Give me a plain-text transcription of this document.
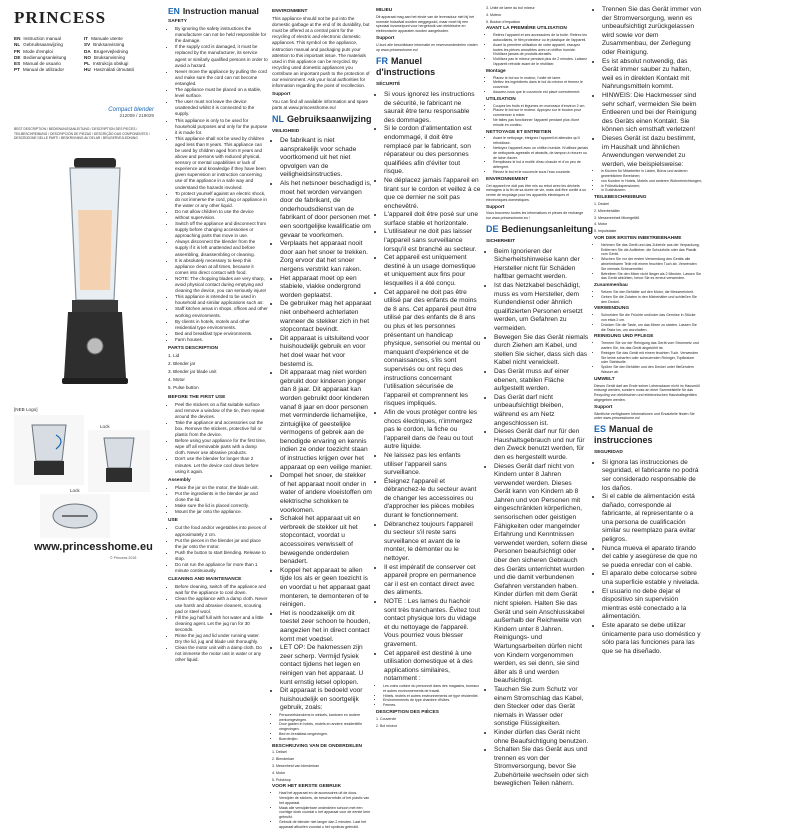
PRINCESS
EN Instruction manual
NL Gebruiksaanwijzing
FR Mode d'emploi
DE Bedienungsanleitung
ES Manual de usuario
PT Manual de utilizador
IT Manuale utente
SV Bruksanvisning
DA Brugervejledning
NO Bruksanvisning
PL Instrukcja obsługi
HU Használati útmutató
Compact blender
212009 / 219029
BEST DESCRIPTION / BEDIENUNGSANLEITUNG / DESCRIPTION DES PIECES / TEILBESCHREIBUNG / DESCRIPCIÓN DE PIEZAS / DESCRIÇÃO DAS COMPONENTES / DESCRIZIONE DELLE PARTI / BESKRIVNING AV DELAR / BRUGERVEJLEDNING
[NEB Logo]
Lock
Lock
www.princesshome.eu
© Princess 2018
EN Instruction manual
SAFETY
• By ignoring the safety instructions the manufacturer can not be held responsible for the damage.
• If the supply cord is damaged, it must be replaced by the manufacturer, its service agent or similarly qualified persons in order to avoid a hazard.
• Never move the appliance by pulling the cord and make sure the cord can not become entangled.
• The appliance must be placed on a stable, level surface.
• The user must not leave the device unattended whilst it is connected to the supply.
• This appliance is only to be used for household purposes and only for the purpose it is made for.
• This appliance shall not be used by children aged less than 8 years. This appliance can be used by children aged from 8 years and above and persons with reduced physical, sensory or mental capabilities or lack of experience and knowledge if they have been given supervision or instruction concerning use of the appliance in a safe way and understand the hazards involved.
• To protect yourself against an electric shock, do not immerse the cord, plug or appliance in the water or any other liquid.
• Do not allow children to use the device without supervision.
• Switch off the appliance and disconnect from supply before changing accessories or approaching parts that move in use.
• Always disconnect the blender from the supply if it is left unattended and before assembling, disassembling or cleaning.
• It is absolutely necessary to keep this appliance clean at all times, because it comes into direct contact with food.
• NOTE: The chopping blades are very sharp, avoid physical contact during emptying and cleaning the device, you can seriously injure!
• This appliance is intended to be used in household and similar applications such as:
• Staff kitchen areas in shops, offices and other working environments.
• By clients in hotels, motels and other residential type environments.
• Bed and breakfast type environments.
• Farm houses.
PARTS DESCRIPTION

1. Lid

2. Blender jar

3. Blender jar blade unit

4. Motor

5. Pulse button

BEFORE THE FIRST USE
• Peel the stickers on a flat suitable surface and remove a window of the tin, then repeat around the devices.
• Take the appliance and accessories out the box. Remove the stickers, protective foil or plastic from the device.
• Before using your appliance for the first time, wipe off all removable parts with a damp cloth. Never use abrasive products.
• Don't use the blender for longer than 2 minutes. Let the device cool down before using it again.
Assembly
• Place the jar on the motor, the blade unit.
• Put the ingredients in the blender jar and close the lid.
• Make sure the lid is placed correctly.
• Mount the jar onto the appliance.
USE
• Cut the food and/or vegetables into pieces of approximately 2 cm.
• Put the pieces in the blender jar and place the jar onto the motor.
• Push the button to start blending. Release to stop.
• Do not run the appliance for more than 1 minute continuously.
CLEANING AND MAINTENANCE
• Before cleaning, switch off the appliance and wait for the appliance to cool down.
• Clean the appliance with a damp cloth. Never use harsh and abrasive cleaners, scouring pad or steel wool.
• Fill the jug half full with hot water and a little cleaning agent. Let the jug run for 30 seconds.
• Rinse the jug and lid under running water. Dry the lid, jug and blade unit thoroughly.
• Clean the motor unit with a damp cloth. Do not immerse the motor unit in water or any other liquid.
ENVIRONMENT

This appliance should not be put into the domestic garbage at the end of its durability, but must be offered at a central point for the recycling of electric and electronic domestic appliances. This symbol on the appliance, instruction manual and packaging puts your attention to this important issue. The materials used in this appliance can be recycled. By recycling used domestic appliances you contribute an important push to the protection of our environment. Ask your local authorities for information regarding the point of recollection.

Support

You can find all available information and spare parts at www.princesshome.eu!

NL Gebruiksaanwijzing
VEILIGHEID
• De fabrikant is niet aansprakelijk voor schade voortkomend uit het niet opvolgen van de veiligheidsinstructies.
• Als het netsnoer beschadigd is, moet het worden vervangen door de fabrikant, de onderhoudsdienst van de fabrikant of door personen met een soortgelijke kwalificatie om gevaar te voorkomen.
• Verplaats het apparaat nooit door aan het snoer te trekken. Zorg ervoor dat het snoer nergens verstrikt kan raken.
• Het apparaat moet op een stabiele, vlakke ondergrond worden geplaatst.
• De gebruiker mag het apparaat niet onbeheerd achterlaten wanneer de stekker zich in het stopcontact bevindt.
• Dit apparaat is uitsluitend voor huishoudelijk gebruik en voor het doel waar het voor bestemd is.
• Dit apparaat mag niet worden gebruikt door kinderen jonger dan 8 jaar. Dit apparaat kan worden gebruikt door kinderen vanaf 8 jaar en door personen met verminderde lichamelijke, zintuiglijke of geestelijke vermogens of gebrek aan de benodigde ervaring en kennis indien ze onder toezicht staan of instructies krijgen over het apparaat op een veilige manier.
• Dompel het snoer, de stekker of het apparaat nooit onder in water of andere vloeistoffen om elektrische schokken te voorkomen.
• Schakel het apparaat uit en verbreek de stekker uit het stopcontact, voordat u accessoires verwisselt of bewegende onderdelen benadert.
• Koppel het apparaat te allen tijde los als er geen toezicht is en voordat u het apparaat gaat monteren, te demonteren of te reinigen.
• Het is noodzakelijk om dit toestel zeer schoon te houden, aangezien het in direct contact komt met voedsel.
• LET OP: De hakmessen zijn zeer scherp. Vermijd fysiek contact tijdens het legen en reinigen van het apparaat. U kunt ernstig letsel oplopen.
• Dit apparaat is bedoeld voor huishoudelijk en soortgelijk gebruik, zoals:
• Personeelskeukens in winkels, kantoren en andere werkomgevingen.
• Door gasten in hotels, motels en andere residentiële omgevingen.
• Bed en breakfast-omgevingen.
• Boerderijen.
BESCHRIJVING VAN DE ONDERDELEN

1. Deksel

2. Blenderkan

3. Mesenheid van blenderkan

4. Motor

5. Pulsknop

VOOR HET EERSTE GEBRUIK
• Haal het apparaat en de accessoires uit de doos. Verwijder de stickers, de beschermfolie of het plastic van het apparaat.
• Maak alle verwijderbare onderdelen schoon met een vochtige doek voordat u het apparaat voor de eerste keer gebruikt.
• Gebruik de blender niet langer dan 2 minuten. Laat het apparaat afkoelen voordat u het opnieuw gebruikt.
MILIEU

Dit apparaat mag aan het einde van de levensduur niet bij het normale huisafval worden weggegooid, maar moet bij een speciaal inzamelpunt voor hergebruik van elektrische en elektronische apparaten worden aangeboden.

Support

U kunt alle beschikbare informatie en reserveonderdelen vinden op www.princesshome.eu!

FR Manuel d'instructions
SÉCURITÉ
• Si vous ignorez les instructions de sécurité, le fabricant ne saurait être tenu responsable des dommages.
• Si le cordon d'alimentation est endommagé, il doit être remplacé par le fabricant, son réparateur ou des personnes qualifiées afin d'éviter tout risque.
• Ne déplacez jamais l'appareil en tirant sur le cordon et veillez à ce que ce dernier ne soit pas enchevêtré.
• L'appareil doit être posé sur une surface stable et horizontale.
• L'utilisateur ne doit pas laisser l'appareil sans surveillance lorsqu'il est branché au secteur.
• Cet appareil est uniquement destiné à un usage domestique et uniquement aux fins pour lesquelles il a été conçu.
• Cet appareil ne doit pas être utilisé par des enfants de moins de 8 ans. Cet appareil peut être utilisé par des enfants de 8 ans ou plus et les personnes présentant un handicap physique, sensoriel ou mental ou manquant d'expérience et de connaissances, s'ils sont supervisés ou ont reçu des instructions concernant l'utilisation sécurisée de l'appareil et comprennent les risques impliqués.
• Afin de vous protéger contre les chocs électriques, n'immergez pas le cordon, la fiche ou l'appareil dans de l'eau ou tout autre liquide.
• Ne laissez pas les enfants utiliser l'appareil sans surveillance.
• Éteignez l'appareil et débranchez-le du secteur avant de changer les accessoires ou d'approcher les pièces mobiles durant le fonctionnement.
• Débranchez toujours l'appareil du secteur s'il reste sans surveillance et avant de le monter, le démonter ou le nettoyer.
• Il est impératif de conserver cet appareil propre en permanence car il est en contact direct avec des aliments.
• NOTE : Les lames du hachoir sont très tranchantes. Évitez tout contact physique lors du vidage et du nettoyage de l'appareil. Vous pourriez vous blesser gravement.
• Cet appareil est destiné à une utilisation domestique et à des applications similaires, notamment :
• Les coins cuisine du personnel dans des magasins, bureaux et autres environnements de travail.
• Hôtels, motels et autres environnements de type résidentiel.
• Environnements de type chambre d'hôtes.
• Fermes.
DESCRIPTION DES PIÈCES

1. Couvercle

2. Bol mixeur

3. Unité de lame du bol mixeur

4. Moteur

5. Bouton d'impulsion

AVANT LA PREMIÈRE UTILISATION
• Retirez l'appareil et ses accessoires de la boîte. Retirez les autocollants, le film protecteur ou le plastique de l'appareil.
• Avant la première utilisation de votre appareil, essuyez toutes les pièces amovibles avec un chiffon humide. N'utilisez jamais de produits abrasifs.
• N'utilisez pas le mixeur pendant plus de 2 minutes. Laissez l'appareil refroidir avant de le réutiliser.
Montage
• Placez le bol sur le moteur, l'unité de lame.
• Mettez les ingrédients dans le bol du mixeur et fermez le couvercle.
• Assurez-vous que le couvercle est placé correctement.
UTILISATION
• Coupez les fruits et légumes en morceaux d'environ 2 cm.
• Placez le bol sur le moteur. Appuyez sur le bouton pour commencer à mixer.
• Ne faites pas fonctionner l'appareil pendant plus d'une minute en continu.
NETTOYAGE ET ENTRETIEN
• Avant le nettoyage, éteignez l'appareil et attendez qu'il refroidisse.
• Nettoyez l'appareil avec un chiffon humide. N'utilisez jamais de nettoyants agressifs et abrasifs, de tampon à récurer ou de laine d'acier.
• Remplissez le bol à moitié d'eau chaude et d'un peu de détergent.
• Rincez le bol et le couvercle sous l'eau courante.
ENVIRONNEMENT

Cet appareil ne doit pas être mis au rebut avec les déchets ménagers à la fin de sa durée de vie, mais doit être confié à un centre de recyclage pour les appareils électriques et électroniques domestiques.

Support

Vous trouverez toutes les informations et pièces de rechange sur www.princesshome.eu !

DE Bedienungsanleitung
SICHERHEIT
• Beim Ignorieren der Sicherheitshinweise kann der Hersteller nicht für Schäden haftbar gemacht werden.
• Ist das Netzkabel beschädigt, muss es vom Hersteller, dem Kundendienst oder ähnlich qualifizierten Personen ersetzt werden, um Gefahren zu vermeiden.
• Bewegen Sie das Gerät niemals durch Ziehen am Kabel, und stellen Sie sicher, dass sich das Kabel nicht verwickelt.
• Das Gerät muss auf einer ebenen, stabilen Fläche aufgestellt werden.
• Das Gerät darf nicht unbeaufsichtigt bleiben, während es am Netz angeschlossen ist.
• Dieses Gerät darf nur für den Haushaltsgebrauch und nur für den Zweck benutzt werden, für den es hergestellt wurde.
• Dieses Gerät darf nicht von Kindern unter 8 Jahren verwendet werden. Dieses Gerät kann von Kindern ab 8 Jahren und von Personen mit eingeschränkten körperlichen, sensorischen oder geistigen Fähigkeiten oder mangelnder Erfahrung und Kenntnissen verwendet werden, sofern diese Personen beaufsichtigt oder über den sicheren Gebrauch des Geräts unterrichtet wurden und die damit verbundenen Gefahren verstanden haben. Kinder dürfen mit dem Gerät nicht spielen. Halten Sie das Gerät und sein Anschlusskabel außerhalb der Reichweite von Kindern unter 8 Jahren. Reinigungs- und Wartungsarbeiten dürfen nicht von Kindern vorgenommen werden, es sei denn, sie sind älter als 8 und werden beaufsichtigt.
• Tauchen Sie zum Schutz vor einem Stromschlag das Kabel, den Stecker oder das Gerät niemals in Wasser oder sonstige Flüssigkeiten.
• Kinder dürfen das Gerät nicht ohne Beaufsichtigung benutzen.
• Schalten Sie das Gerät aus und trennen es von der Stromversorgung, bevor Sie Zubehörteile wechseln oder sich beweglichen Teilen nähern.
• Trennen Sie das Gerät immer von der Stromversorgung, wenn es unbeaufsichtigt zurückgelassen wird sowie vor dem Zusammenbau, der Zerlegung oder Reinigung.
• Es ist absolut notwendig, das Gerät immer sauber zu halten, weil es in direkten Kontakt mit Nahrungsmitteln kommt.
• HINWEIS: Die Hackmesser sind sehr scharf, vermeiden Sie beim Entleeren und bei der Reinigung des Geräts einen Kontakt. Sie können sich ernsthaft verletzen!
• Dieses Gerät ist dazu bestimmt, im Haushalt und ähnlichen Anwendungen verwendet zu werden, wie beispielsweise:
• in Küchen für Mitarbeiter in Läden, Büros und anderen gewerblichen Bereichen;
• von Kunden in Hotels, Motels und anderen Wohneinrichtungen;
• in Frühstückspensionen;
• in Gutshäusern.
TEILEBESCHREIBUNG

1. Deckel

2. Mixerbehälter

3. Messereinheit Mixergefäß

4. Motor

5. Impulstaste

VOR DER ERSTEN INBETRIEBNAHME
• Nehmen Sie das Gerät und das Zubehör aus der Verpackung. Entfernen Sie die Aufkleber, die Schutzfolie oder das Plastik vom Gerät.
• Wischen Sie vor der ersten Verwendung des Geräts alle abnehmbaren Teile mit einem feuchten Tuch ab. Verwenden Sie niemals Scheuermittel.
• Betreiben Sie den Mixer nicht länger als 2 Minuten. Lassen Sie das Gerät abkühlen, bevor Sie es erneut verwenden.
Zusammenbau
• Setzen Sie den Behälter auf den Motor, die Messereinheit.
• Geben Sie die Zutaten in den Mixbehälter und schließen Sie den Deckel.
VERWENDUNG
• Schneiden Sie die Früchte und/oder das Gemüse in Stücke von etwa 2 cm.
• Drücken Sie die Taste, um das Mixen zu starten. Lassen Sie die Taste los, um anzuhalten.
REINIGUNG UND PFLEGE
• Trennen Sie vor der Reinigung das Gerät vom Stromnetz und warten Sie, bis das Gerät abgekühlt ist.
• Reinigen Sie das Gerät mit einem feuchten Tuch. Verwenden Sie keine scharfen oder scheuernden Reiniger, Topfkratzer oder Stahlwolle.
• Spülen Sie den Behälter und den Deckel unter fließendem Wasser ab.
UMWELT

Dieses Gerät darf am Ende seiner Lebensdauer nicht im Hausmüll entsorgt werden, sondern muss an einer Sammelstelle für das Recycling von elektrischen und elektronischen Haushaltsgeräten abgegeben werden.

Support

Sämtliche verfügbaren Informationen und Ersatzteile finden Sie unter www.princesshome.eu!

ES Manual de instrucciones
SEGURIDAD
• Si ignora las instrucciones de seguridad, el fabricante no podrá ser considerado responsable de los daños.
• Si el cable de alimentación está dañado, corresponde al fabricante, al representante o a una persona de cualificación similar su reemplazo para evitar peligros.
• Nunca mueva el aparato tirando del cable y asegúrese de que no se pueda enredar con el cable.
• El aparato debe colocarse sobre una superficie estable y nivelada.
• El usuario no debe dejar el dispositivo sin supervisión mientras esté conectado a la alimentación.
• Este aparato se debe utilizar únicamente para uso doméstico y sólo para las funciones para las que se ha diseñado.
